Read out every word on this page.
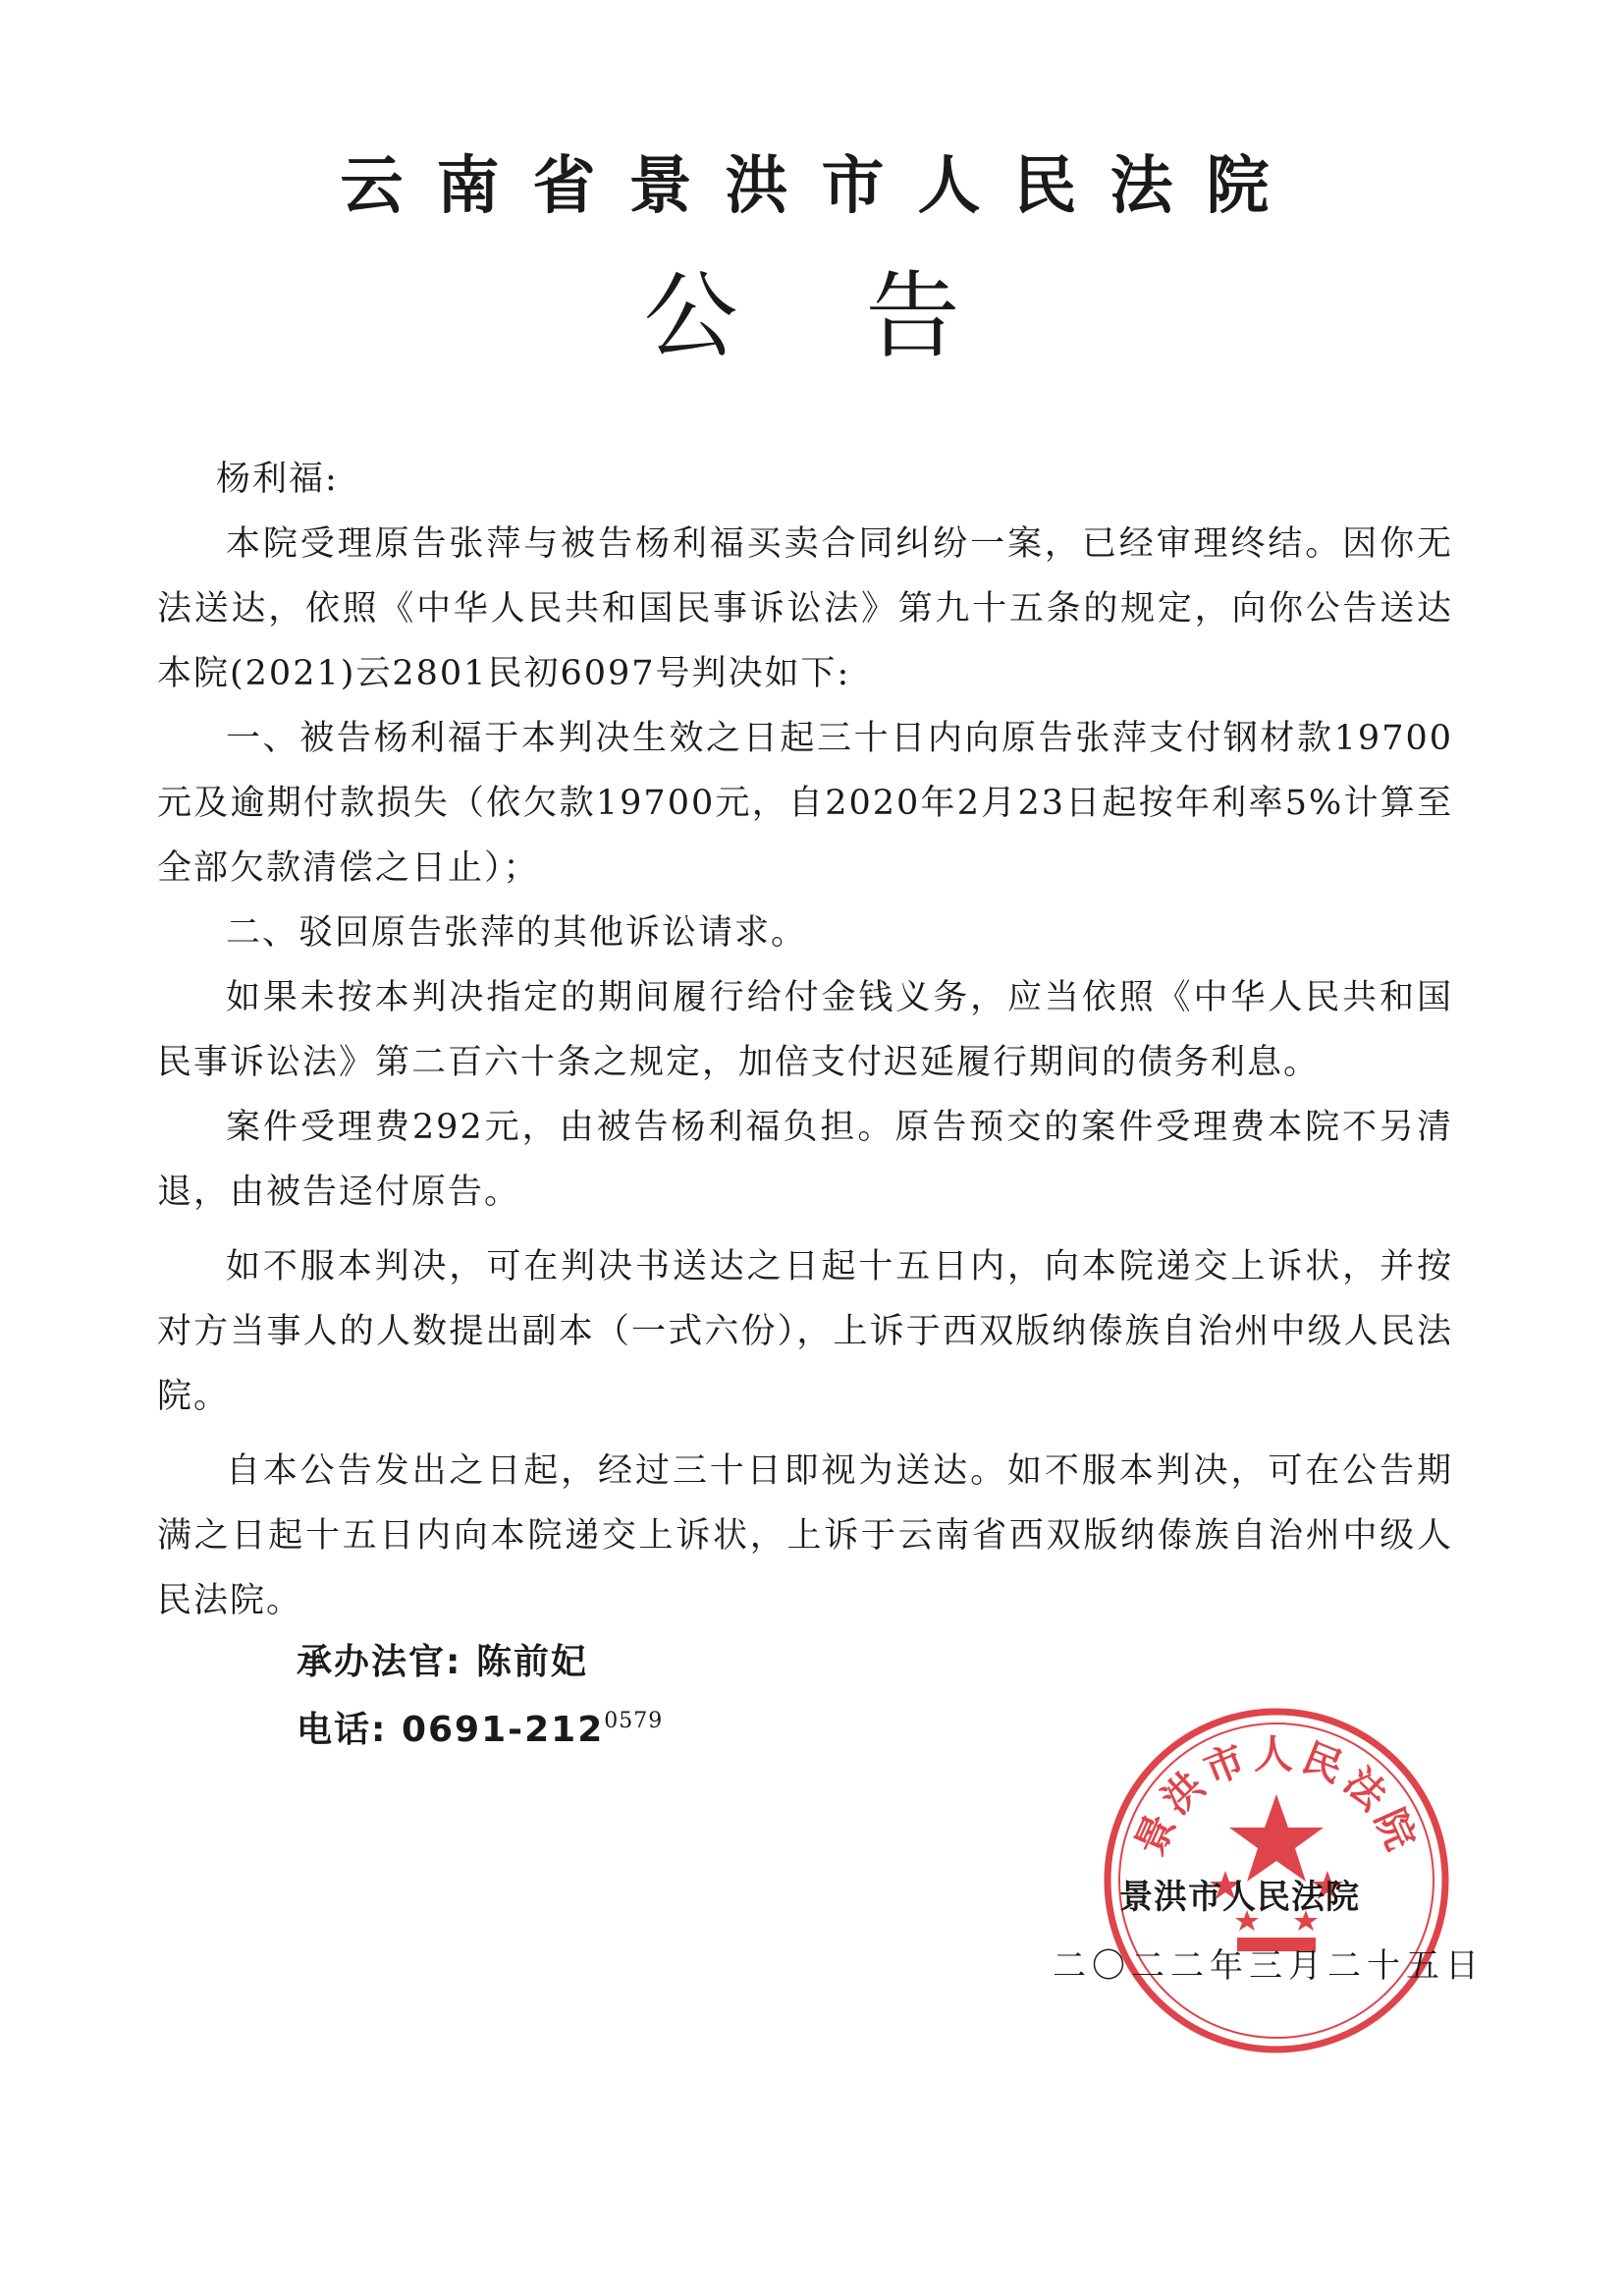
云南省景洪市人民法院
公告

杨利福:

本院受理原告张萍与被告杨利福买卖合同纠纷一案，已经审理终结。因你无法送达，依照《中华人民共和国民事诉讼法》第九十五条的规定，向你公告送达本院(2021)云2801民初6097号判决如下:

一、被告杨利福于本判决生效之日起三十日内向原告张萍支付钢材款19700元及逾期付款损失（依欠款19700元，自2020年2月23日起按年利率5%计算至全部欠款清偿之日止）；

二、驳回原告张萍的其他诉讼请求。

如果未按本判决指定的期间履行给付金钱义务，应当依照《中华人民共和国民事诉讼法》第二百六十条之规定，加倍支付迟延履行期间的债务利息。

案件受理费292元，由被告杨利福负担。原告预交的案件受理费本院不另清退，由被告迳付原告。

如不服本判决，可在判决书送达之日起十五日内，向本院递交上诉状，并按对方当事人的人数提出副本（一式六份），上诉于西双版纳傣族自治州中级人民法院。

自本公告发出之日起，经过三十日即视为送达。如不服本判决，可在公告期满之日起十五日内向本院递交上诉状，上诉于云南省西双版纳傣族自治州中级人民法院。

承办法官: 陈前妃
电话: $0691-212^{0579}$
景洪市人民法院
景洪市人民法院
二〇二二年三月二十五日
